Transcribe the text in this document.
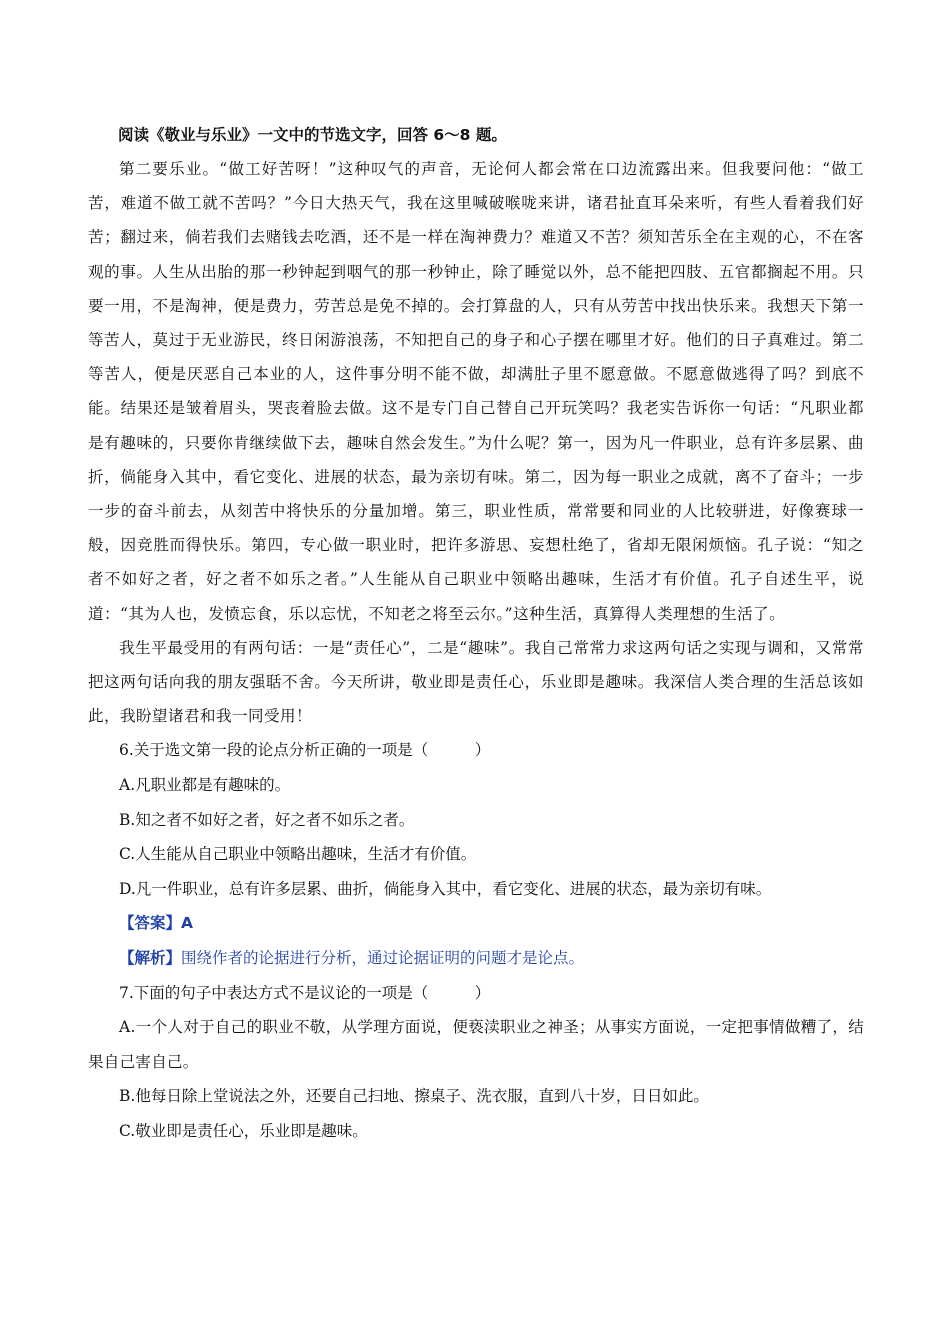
阅读《敬业与乐业》一文中的节选文字，回答 6～8 题。

第二要乐业。“做工好苦呀！”这种叹气的声音，无论何人都会常在口边流露出来。但我要问他：“做工苦，难道不做工就不苦吗？”今日大热天气，我在这里喊破喉咙来讲，诸君扯直耳朵来听，有些人看着我们好苦；翻过来，倘若我们去赌钱去吃酒，还不是一样在淘神费力？难道又不苦？须知苦乐全在主观的心，不在客观的事。人生从出胎的那一秒钟起到咽气的那一秒钟止，除了睡觉以外，总不能把四肢、五官都搁起不用。只要一用，不是淘神，便是费力，劳苦总是免不掉的。会打算盘的人，只有从劳苦中找出快乐来。我想天下第一等苦人，莫过于无业游民，终日闲游浪荡，不知把自己的身子和心子摆在哪里才好。他们的日子真难过。第二等苦人，便是厌恶自己本业的人，这件事分明不能不做，却满肚子里不愿意做。不愿意做逃得了吗？到底不能。结果还是皱着眉头，哭丧着脸去做。这不是专门自己替自己开玩笑吗？我老实告诉你一句话：“凡职业都是有趣味的，只要你肯继续做下去，趣味自然会发生。”为什么呢？第一，因为凡一件职业，总有许多层累、曲折，倘能身入其中，看它变化、进展的状态，最为亲切有味。第二，因为每一职业之成就，离不了奋斗；一步一步的奋斗前去，从刻苦中将快乐的分量加增。第三，职业性质，常常要和同业的人比较骈进，好像赛球一般，因竞胜而得快乐。第四，专心做一职业时，把许多游思、妄想杜绝了，省却无限闲烦恼。孔子说：“知之者不如好之者，好之者不如乐之者。”人生能从自己职业中领略出趣味，生活才有价值。孔子自述生平，说道：“其为人也，发愤忘食，乐以忘忧，不知老之将至云尔。”这种生活，真算得人类理想的生活了。

我生平最受用的有两句话：一是“责任心”，二是“趣味”。我自己常常力求这两句话之实现与调和，又常常把这两句话向我的朋友强聒不舍。今天所讲，敬业即是责任心，乐业即是趣味。我深信人类合理的生活总该如此，我盼望诸君和我一同受用！

6.关于选文第一段的论点分析正确的一项是（　　　）

A.凡职业都是有趣味的。

B.知之者不如好之者，好之者不如乐之者。

C.人生能从自己职业中领略出趣味，生活才有价值。

D.凡一件职业，总有许多层累、曲折，倘能身入其中，看它变化、进展的状态，最为亲切有味。

【答案】A

【解析】围绕作者的论据进行分析，通过论据证明的问题才是论点。

7.下面的句子中表达方式不是议论的一项是（　　　）

A.一个人对于自己的职业不敬，从学理方面说，便亵渎职业之神圣；从事实方面说，一定把事情做糟了，结果自己害自己。

B.他每日除上堂说法之外，还要自己扫地、擦桌子、洗衣服，直到八十岁，日日如此。

C.敬业即是责任心，乐业即是趣味。
